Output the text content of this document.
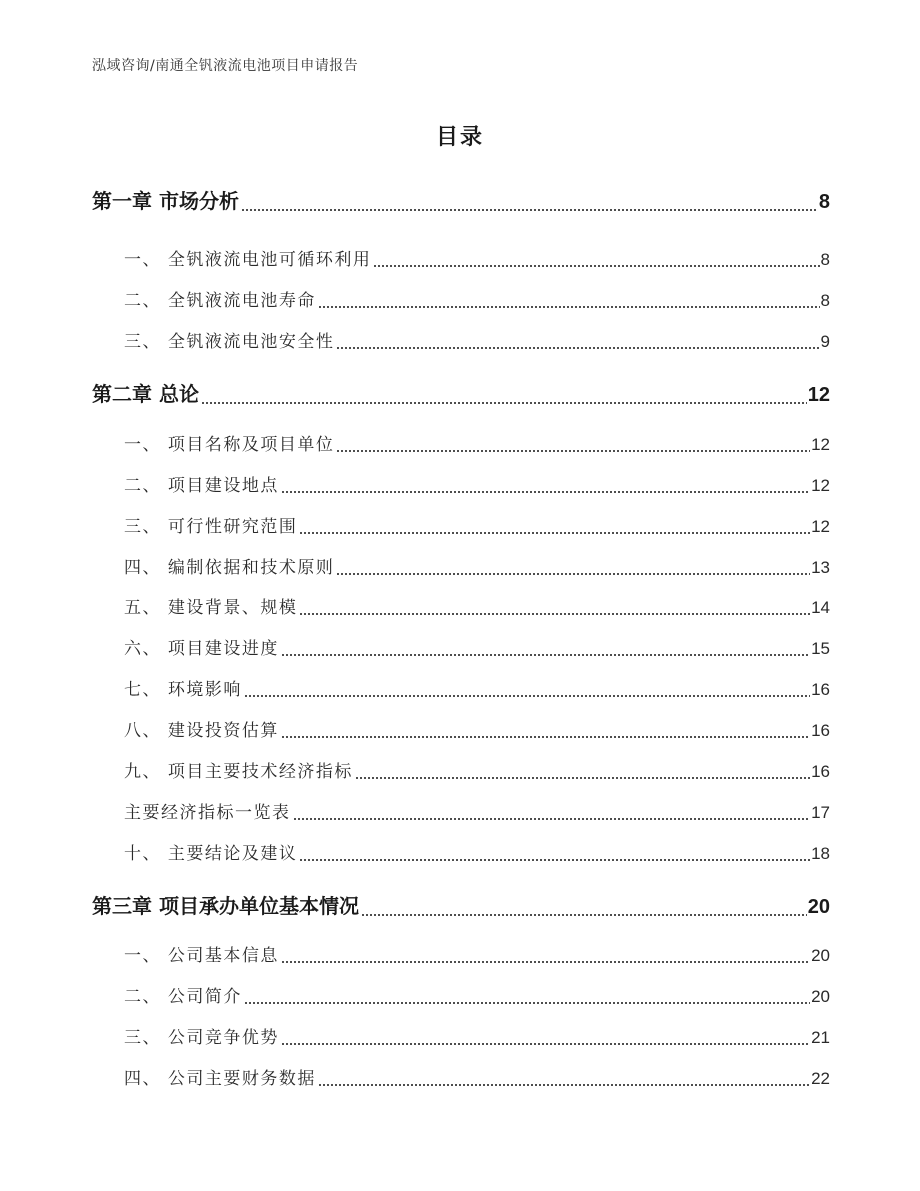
泓域咨询/南通全钒液流电池项目申请报告
目录
第一章 市场分析	8
一、 全钒液流电池可循环利用	8
二、 全钒液流电池寿命	8
三、 全钒液流电池安全性	9
第二章 总论	12
一、 项目名称及项目单位	12
二、 项目建设地点	12
三、 可行性研究范围	12
四、 编制依据和技术原则	13
五、 建设背景、规模	14
六、 项目建设进度	15
七、 环境影响	16
八、 建设投资估算	16
九、 项目主要技术经济指标	16
主要经济指标一览表	17
十、 主要结论及建议	18
第三章 项目承办单位基本情况	20
一、 公司基本信息	20
二、 公司简介	20
三、 公司竞争优势	21
四、 公司主要财务数据	22
